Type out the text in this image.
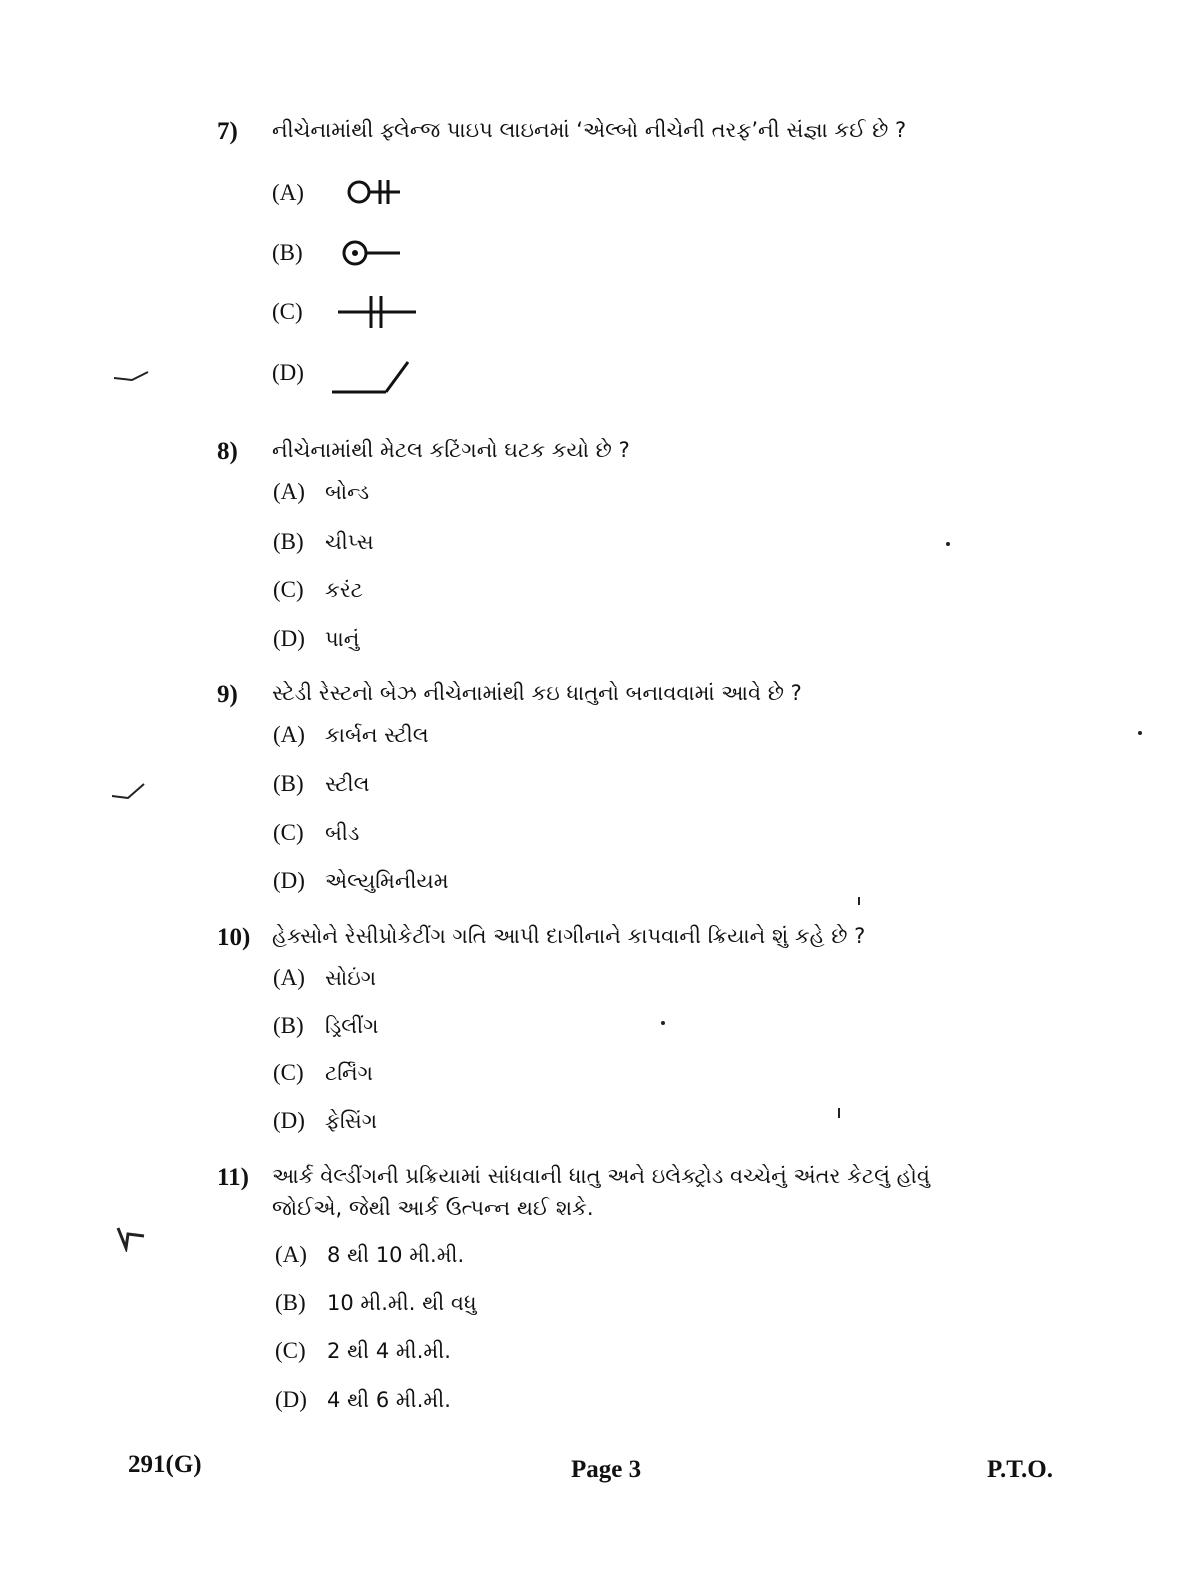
7) નીચેનામાંથી ફ્લેન્જ પાઇપ લાઇનમાં ‘એલ્બો નીચેની તરફ’ની સંજ્ઞા કઈ છે ?
(A)
(B)
(C)
(D)
8) નીચેનામાંથી મેટલ કટિંગનો ઘટક કયો છે ?
(A) બોન્ડ
(B) ચીપ્સ
(C) કરંટ
(D) પાનું
9) સ્ટેડી રેસ્ટનો બેઝ નીચેનામાંથી કઇ ધાતુનો બનાવવામાં આવે છે ?
(A) કાર્બન સ્ટીલ
(B) સ્ટીલ
(C) બીડ
(D) એલ્યુમિનીયમ
10) હેક્સોને રેસીપ્રોકેટીંગ ગતિ આપી દાગીનાને કાપવાની ક્રિયાને શું કહે છે ?
(A) સોઇંગ
(B) ડ્રિલીંગ
(C) ટર્નિંગ
(D) ફેસિંગ
11) આર્ક વેલ્ડીંગની પ્રક્રિયામાં સાંધવાની ધાતુ અને ઇલેક્ટ્રોડ વચ્ચેનું અંતર કેટલું હોવું જોઈએ, જેથી આર્ક ઉત્પન્ન થઈ શકે.
(A) 8 થી 10 મી.મી.
(B) 10 મી.મી. થી વધુ
(C) 2 થી 4 મી.મી.
(D) 4 થી 6 મી.મી.
291(G)	Page 3	P.T.O.
